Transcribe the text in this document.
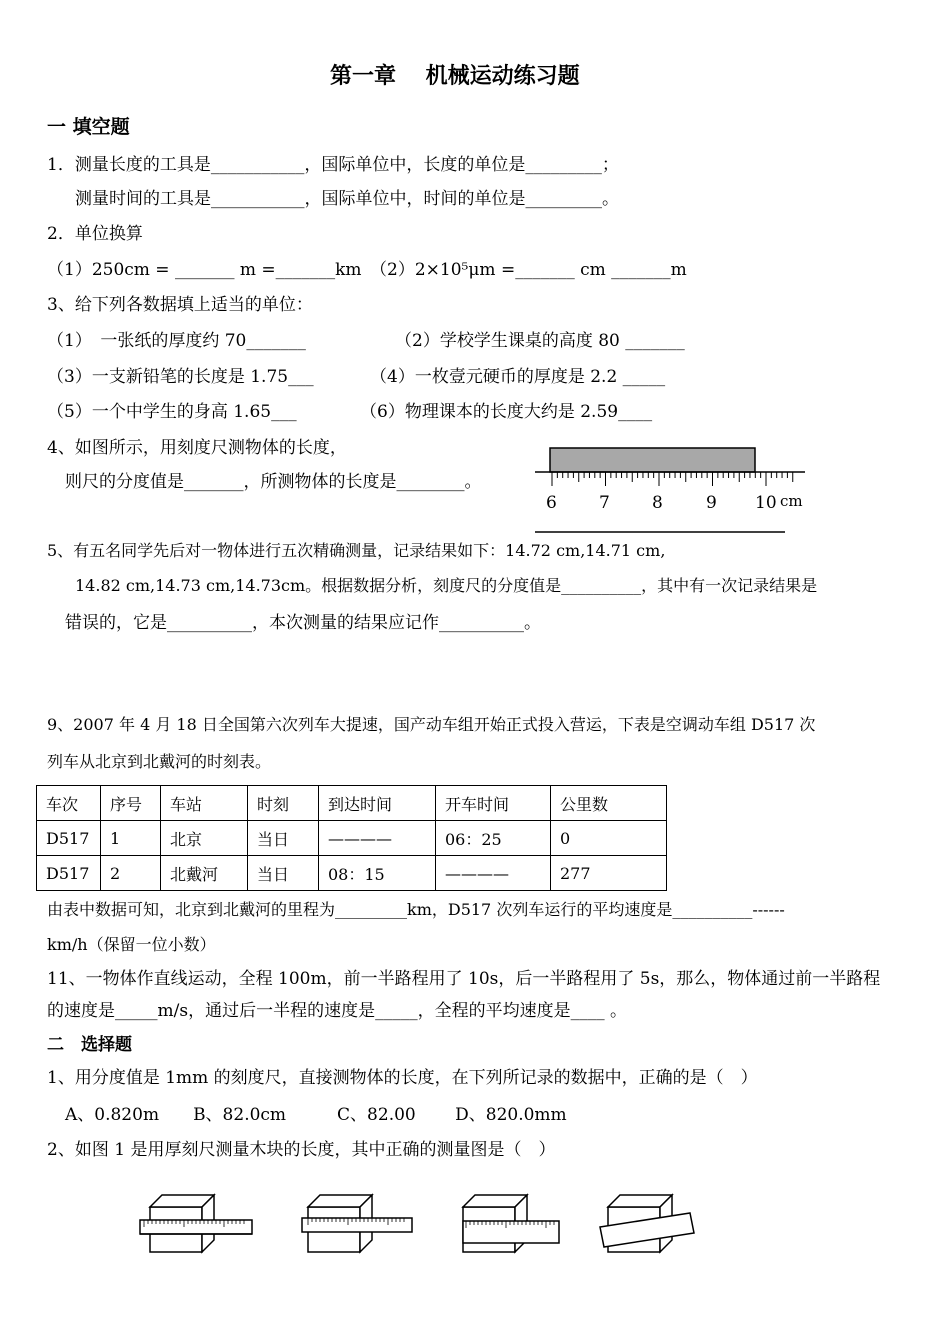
第一章　 机械运动练习题
一 填空题
1．测量长度的工具是___________，国际单位中，长度的单位是_________；
测量时间的工具是___________，国际单位中，时间的单位是_________。
2．单位换算
（1）250cm = _______ m =_______km　（2）2×10⁵μm =_______ cm _______m
3、给下列各数据填上适当的单位：
（1）　一张纸的厚度约 70_______	（2）学校学生课桌的高度 80 _______
（3）一支新铅笔的长度是 1.75___	（4）一枚壹元硬币的厚度是 2.2 _____
（5）一个中学生的身高 1.65___	（6）物理课本的长度大约是 2.59____
4、如图所示，用刻度尺测物体的长度，
则尺的分度值是_______，所测物体的长度是________。
6 7 8	9 10 cm
5、有五名同学先后对一物体进行五次精确测量，记录结果如下：14.72 cm,14.71 cm,
14.82 cm,14.73 cm,14.73cm。根据数据分析，刻度尺的分度值是__________，其中有一次记录结果是
错误的，它是__________，本次测量的结果应记作__________。
9、2007 年 4 月 18 日全国第六次列车大提速，国产动车组开始正式投入营运，下表是空调动车组 D517 次
列车从北京到北戴河的时刻表。
车次	序号	车站	时刻	到达时间	开车时间	公里数
D517	1	北京	当日	————	06：25	0
D517	2	北戴河	当日	08：15	————	277
由表中数据可知，北京到北戴河的里程为_________km，D517 次列车运行的平均速度是__________------
km/h（保留一位小数）
11、一物体作直线运动，全程 100m，前一半路程用了 10s，后一半路程用了 5s，那么，物体通过前一半路程
的速度是_____m/s，通过后一半程的速度是_____，全程的平均速度是____ 。
二　选择题
1、用分度值是 1mm 的刻度尺，直接测物体的长度，在下列所记录的数据中，正确的是（　）
A、0.820m　　B、82.0cm　　　C、82.00　　 D、820.0mm
2、如图 1 是用厚刻尺测量木块的长度，其中正确的测量图是（　）
